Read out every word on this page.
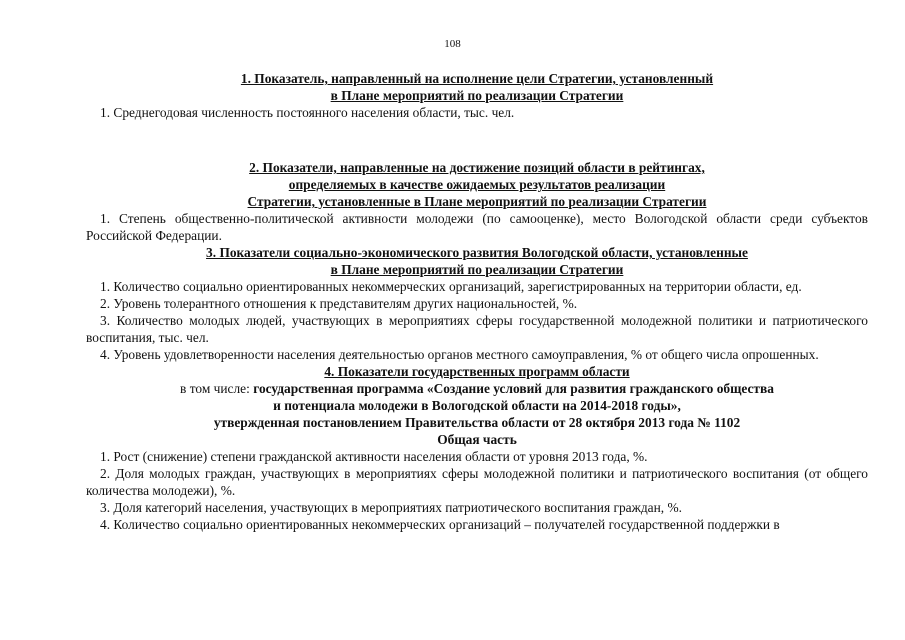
108

1. Показатель, направленный на исполнение цели Стратегии, установленный

в Плане мероприятий по реализации Стратегии

1. Среднегодовая численность постоянного населения области, тыс. чел.

2. Показатели, направленные на достижение позиций области в рейтингах,

определяемых в качестве ожидаемых результатов реализации

Стратегии, установленные в Плане мероприятий по реализации Стратегии

1. Степень общественно-политической активности молодежи (по самооценке), место Вологодской области среди субъектов Российской Федерации.

3. Показатели социально-экономического развития Вологодской области, установленные

в Плане мероприятий по реализации Стратегии

1. Количество социально ориентированных некоммерческих организаций, зарегистрированных на территории области, ед.

2. Уровень толерантного отношения к представителям других национальностей, %.

3. Количество молодых людей, участвующих в мероприятиях сферы государственной молодежной политики и патриотического воспитания, тыс. чел.

4. Уровень удовлетворенности населения деятельностью органов местного самоуправления, % от общего числа опрошенных.

4. Показатели государственных программ области

в том числе: государственная программа «Создание условий для развития гражданского общества

и потенциала молодежи в Вологодской области на 2014-2018 годы»,

утвержденная постановлением Правительства области от 28 октября 2013 года № 1102

Общая часть

1. Рост (снижение) степени гражданской активности населения области от уровня 2013 года, %.

2. Доля молодых граждан, участвующих в мероприятиях сферы молодежной политики и патриотического воспитания (от общего количества молодежи), %.

3. Доля категорий населения, участвующих в мероприятиях патриотического воспитания граждан, %.

4. Количество социально ориентированных некоммерческих организаций – получателей государственной поддержки в
